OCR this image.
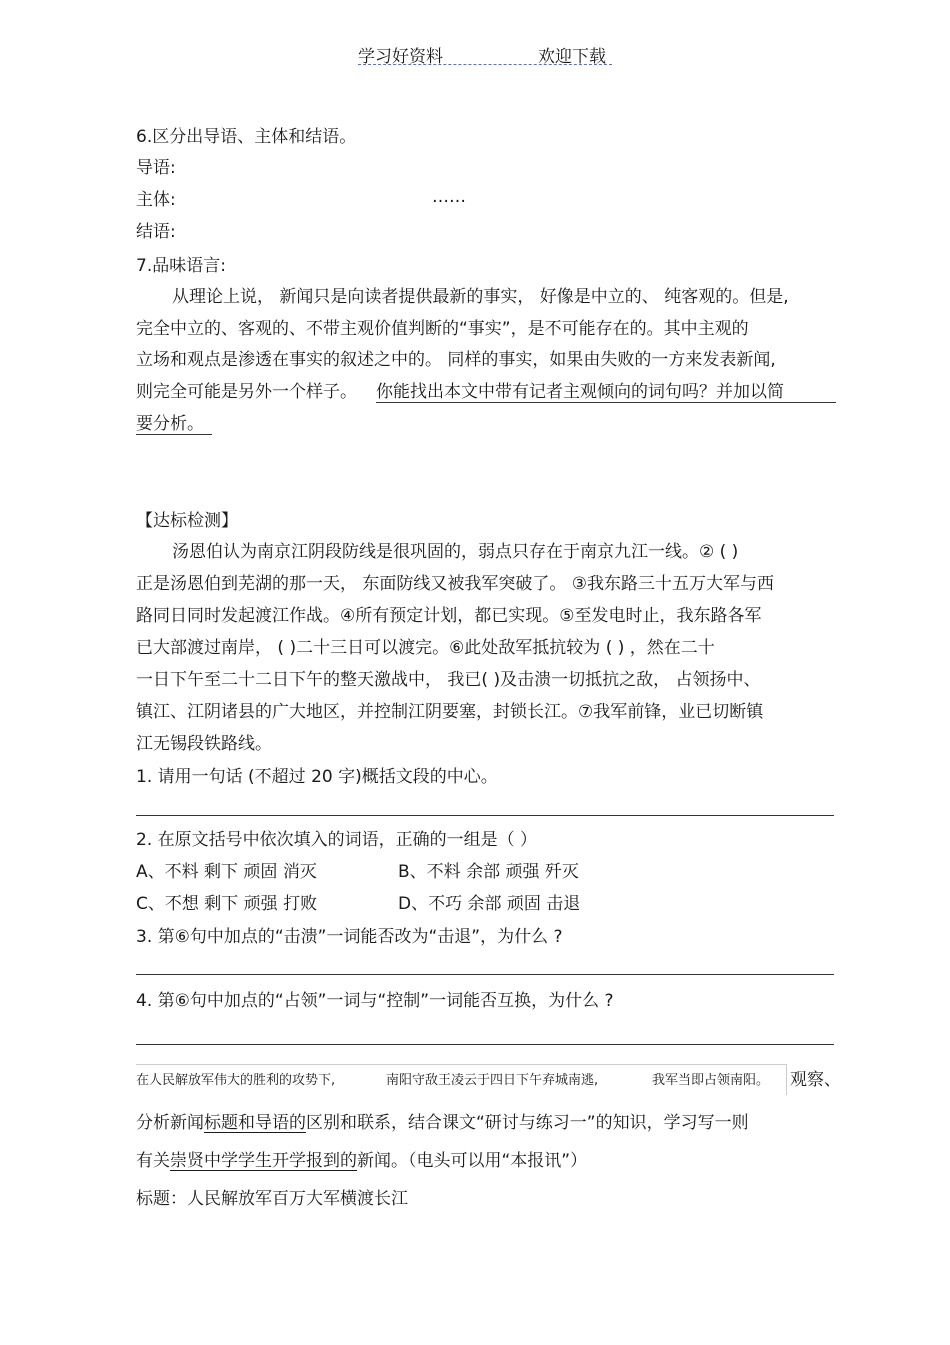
学习好资料	欢迎下载
6.区分出导语、主体和结语。
导语:
主体:	……
结语:
7.品味语言:
从理论上说， 新闻只是向读者提供最新的事实， 好像是中立的、 纯客观的。但是,
完全中立的、客观的、不带主观价值判断的“事实”，是不可能存在的。其中主观的
立场和观点是渗透在事实的叙述之中的。 同样的事实，如果由失败的一方来发表新闻,
则完全可能是另外一个样子。 你能找出本文中带有记者主观倾向的词句吗？并加以简
要分析。
【达标检测】
汤恩伯认为南京江阴段防线是很巩固的，弱点只存在于南京九江一线。② ( )
正是汤恩伯到芜湖的那一天， 东面防线又被我军突破了。 ③我东路三十五万大军与西
路同日同时发起渡江作战。④所有预定计划，都已实现。⑤至发电时止，我东路各军
已大部渡过南岸， ( )二十三日可以渡完。⑥此处敌军抵抗较为 ( ) ，然在二十
一日下午至二十二日下午的整天激战中， 我已( )及击溃一切抵抗之敌， 占领扬中、
镇江、江阴诸县的广大地区，并控制江阴要塞，封锁长江。⑦我军前锋，业已切断镇
江无锡段铁路线。
1. 请用一句话 (不超过 20 字)概括文段的中心。
2. 在原文括号中依次填入的词语，正确的一组是（ ）
A、不料 剩下 顽固 消灭	B、不料 余部 顽强 歼灭
C、不想 剩下 顽强 打败	D、不巧 余部 顽固 击退
3. 第⑥句中加点的“击溃”一词能否改为“击退”，为什么 ?
4. 第⑥句中加点的“占领”一词与“控制”一词能否互换，为什么 ?
在人民解放军伟大的胜利的攻势下,	南阳守敌王凌云于四日下午弃城南逃,	我军当即占领南阳。 观察、
分析新闻标题和导语的区别和联系，结合课文“研讨与练习一”的知识，学习写一则
有关崇贤中学学生开学报到的新闻。（电头可以用“本报讯”）
标题：人民解放军百万大军横渡长江
